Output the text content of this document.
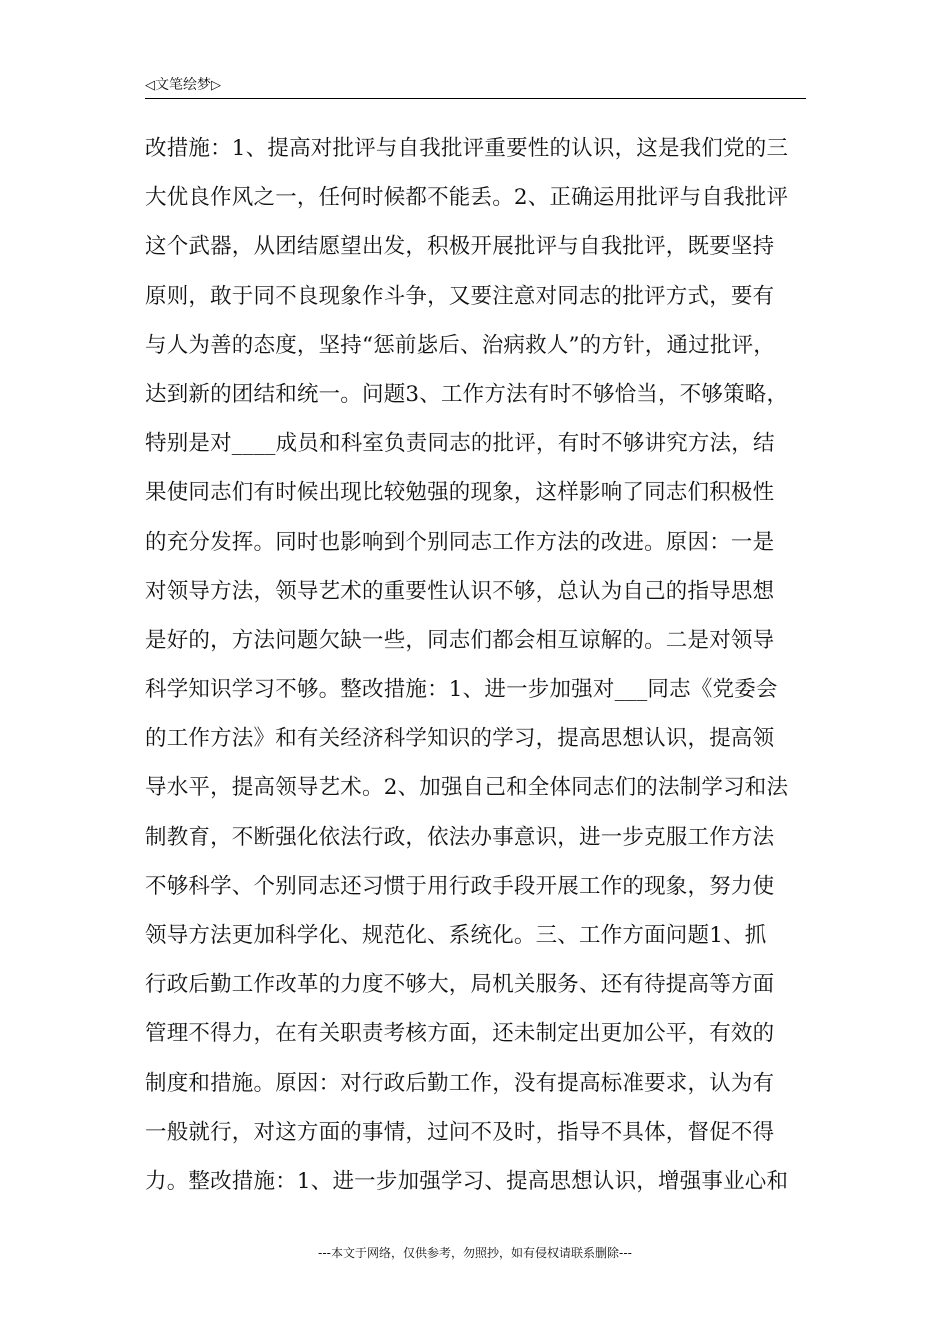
◁文笔绘梦▷
改措施：1、提高对批评与自我批评重要性的认识，这是我们党的三
大优良作风之一，任何时候都不能丢。2、正确运用批评与自我批评
这个武器，从团结愿望出发，积极开展批评与自我批评，既要坚持
原则，敢于同不良现象作斗争，又要注意对同志的批评方式，要有
与人为善的态度，坚持“惩前毖后、治病救人”的方针，通过批评，
达到新的团结和统一。问题3、工作方法有时不够恰当，不够策略，
特别是对____成员和科室负责同志的批评，有时不够讲究方法，结
果使同志们有时候出现比较勉强的现象，这样影响了同志们积极性
的充分发挥。同时也影响到个别同志工作方法的改进。原因：一是
对领导方法，领导艺术的重要性认识不够，总认为自己的指导思想
是好的，方法问题欠缺一些，同志们都会相互谅解的。二是对领导
科学知识学习不够。整改措施：1、进一步加强对___同志《党委会
的工作方法》和有关经济科学知识的学习，提高思想认识，提高领
导水平，提高领导艺术。2、加强自己和全体同志们的法制学习和法
制教育，不断强化依法行政，依法办事意识，进一步克服工作方法
不够科学、个别同志还习惯于用行政手段开展工作的现象，努力使
领导方法更加科学化、规范化、系统化。三、工作方面问题1、抓
行政后勤工作改革的力度不够大，局机关服务、还有待提高等方面
管理不得力，在有关职责考核方面，还未制定出更加公平，有效的
制度和措施。原因：对行政后勤工作，没有提高标准要求，认为有
一般就行，对这方面的事情，过问不及时，指导不具体，督促不得
力。整改措施：1、进一步加强学习、提高思想认识，增强事业心和
---本文于网络，仅供参考，勿照抄，如有侵权请联系删除---
